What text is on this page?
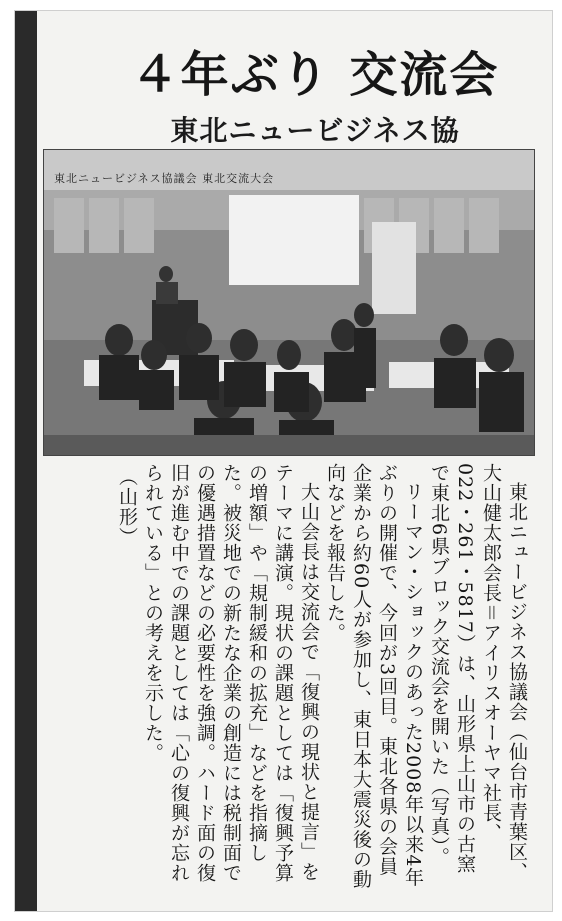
４年ぶり 交流会
東北ニュービジネス協
東北ニュービジネス協議会 東北交流大会

東北ニュービジネス協議会（仙台市青葉区、大山健太郎会長＝アイリスオーヤマ社長、022・261・5817）は、山形県上山市の古窯で東北6県ブロック交流会を開いた（写真）。

リーマン・ショックのあった2008年以来4年ぶりの開催で、今回が3回目。東北各県の会員企業から約60人が参加し、東日本大震災後の動向などを報告した。

大山会長は交流会で「復興の現状と提言」をテーマに講演。現状の課題としては「復興予算の増額」や「規制緩和の拡充」などを指摘した。被災地での新たな企業の創造には税制面での優遇措置などの必要性を強調。ハード面の復旧が進む中での課題としては「心の復興が忘れられている」との考えを示した。

（山形）
